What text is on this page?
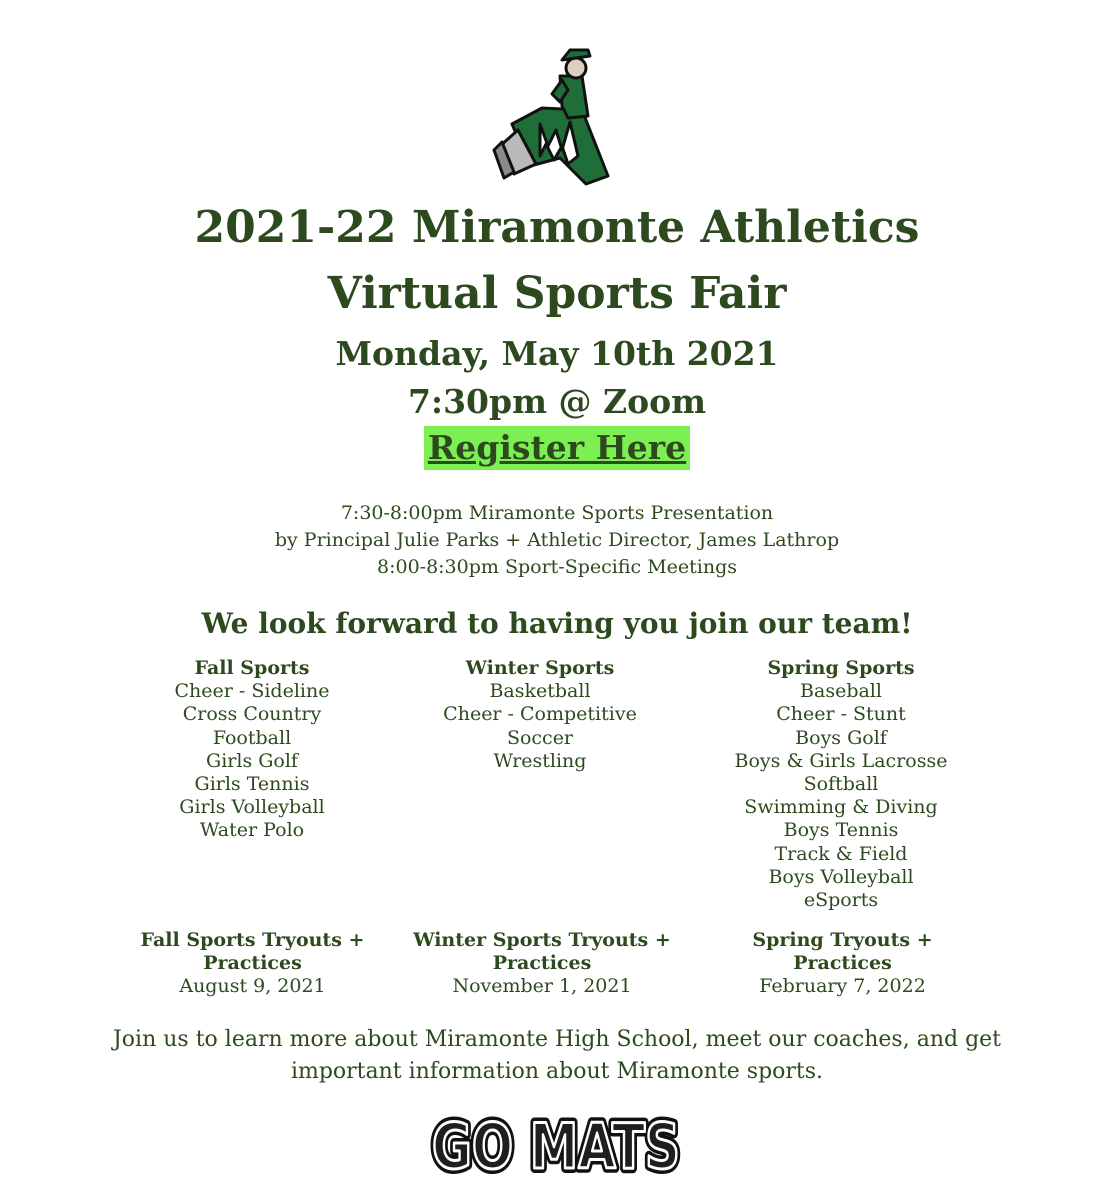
2021-22 Miramonte Athletics
Virtual Sports Fair
Monday, May 10th 2021
7:30pm @ Zoom
Register Here
7:30-8:00pm Miramonte Sports Presentation
by Principal Julie Parks + Athletic Director, James Lathrop
8:00-8:30pm Sport-Specific Meetings
We look forward to having you join our team!
Fall Sports
Cheer - Sideline
Cross Country
Football
Girls Golf
Girls Tennis
Girls Volleyball
Water Polo
Winter Sports
Basketball
Cheer - Competitive
Soccer
Wrestling
Spring Sports
Baseball
Cheer - Stunt
Boys Golf
Boys & Girls Lacrosse
Softball
Swimming & Diving
Boys Tennis
Track & Field
Boys Volleyball
eSports
Fall Sports Tryouts +
Practices
August 9, 2021
Winter Sports Tryouts +
Practices
November 1, 2021
Spring Tryouts + Practices
February 7, 2022
Join us to learn more about Miramonte High School, meet our coaches, and get
important information about Miramonte sports.
GO MATS
GO MATS
